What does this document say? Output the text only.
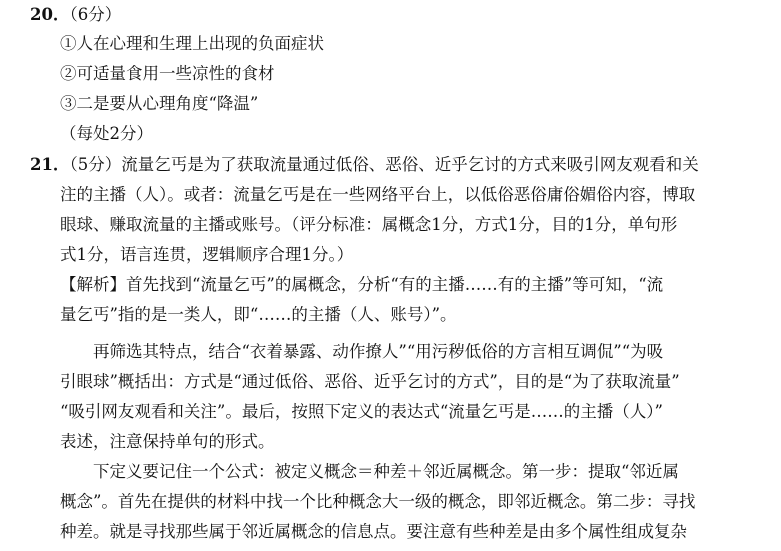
20．（6分）
①人在心理和生理上出现的负面症状
②可适量食用一些凉性的食材
③二是要从心理角度“降温”
（每处2分）
21．（5分）流量乞丐是为了获取流量通过低俗、恶俗、近乎乞讨的方式来吸引网友观看和关
注的主播（人）。或者：流量乞丐是在一些网络平台上，以低俗恶俗庸俗媚俗内容，博取
眼球、赚取流量的主播或账号。（评分标准：属概念1分，方式1分，目的1分，单句形
式1分，语言连贯，逻辑顺序合理1分。）
【解析】首先找到“流量乞丐”的属概念，分析“有的主播……有的主播”等可知，“流
量乞丐”指的是一类人，即“……的主播（人、账号）”。
　　再筛选其特点，结合“衣着暴露、动作撩人”“用污秽低俗的方言相互调侃”“为吸
引眼球”概括出：方式是“通过低俗、恶俗、近乎乞讨的方式”，目的是“为了获取流量”
“吸引网友观看和关注”。最后，按照下定义的表达式“流量乞丐是……的主播（人）”
表述，注意保持单句的形式。
　　下定义要记住一个公式：被定义概念＝种差＋邻近属概念。第一步：提取“邻近属
概念”。首先在提供的材料中找一个比种概念大一级的概念，即邻近概念。第二步：寻找
种差。就是寻找那些属于邻近属概念的信息点。要注意有些种差是由多个属性组成复杂
